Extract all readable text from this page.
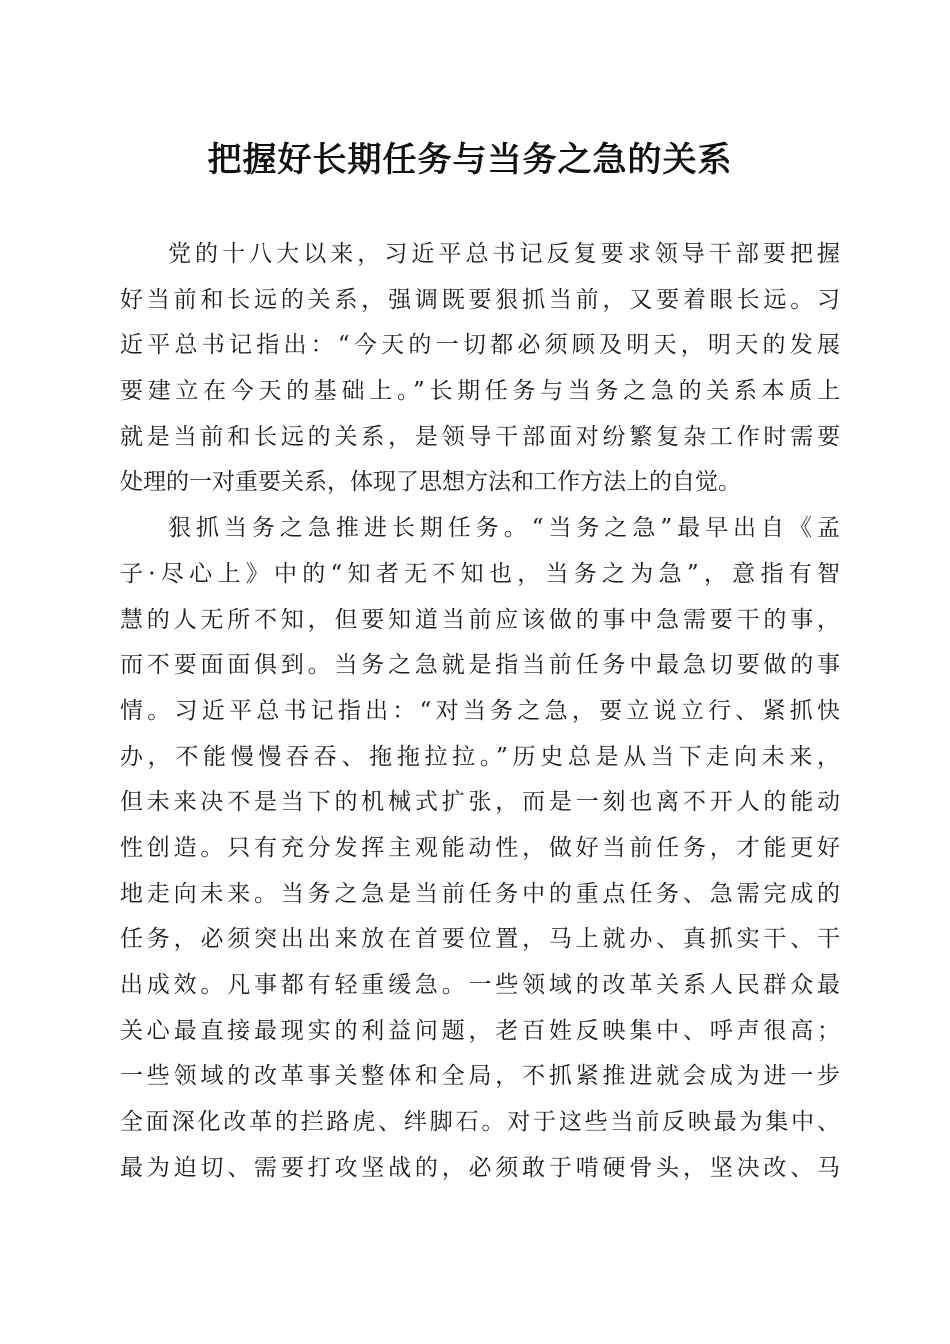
把握好长期任务与当务之急的关系
党的十八大以来，习近平总书记反复要求领导干部要把握
好当前和长远的关系，强调既要狠抓当前，又要着眼长远。习
近平总书记指出：“今天的一切都必须顾及明天，明天的发展
要建立在今天的基础上。”长期任务与当务之急的关系本质上
就是当前和长远的关系，是领导干部面对纷繁复杂工作时需要
处理的一对重要关系，体现了思想方法和工作方法上的自觉。
狠抓当务之急推进长期任务。“当务之急”最早出自《孟
子·尽心上》中的“知者无不知也，当务之为急”，意指有智
慧的人无所不知，但要知道当前应该做的事中急需要干的事，
而不要面面俱到。当务之急就是指当前任务中最急切要做的事
情。习近平总书记指出：“对当务之急，要立说立行、紧抓快
办，不能慢慢吞吞、拖拖拉拉。”历史总是从当下走向未来，
但未来决不是当下的机械式扩张，而是一刻也离不开人的能动
性创造。只有充分发挥主观能动性，做好当前任务，才能更好
地走向未来。当务之急是当前任务中的重点任务、急需完成的
任务，必须突出出来放在首要位置，马上就办、真抓实干、干
出成效。凡事都有轻重缓急。一些领域的改革关系人民群众最
关心最直接最现实的利益问题，老百姓反映集中、呼声很高；
一些领域的改革事关整体和全局，不抓紧推进就会成为进一步
全面深化改革的拦路虎、绊脚石。对于这些当前反映最为集中、
最为迫切、需要打攻坚战的，必须敢于啃硬骨头，坚决改、马
